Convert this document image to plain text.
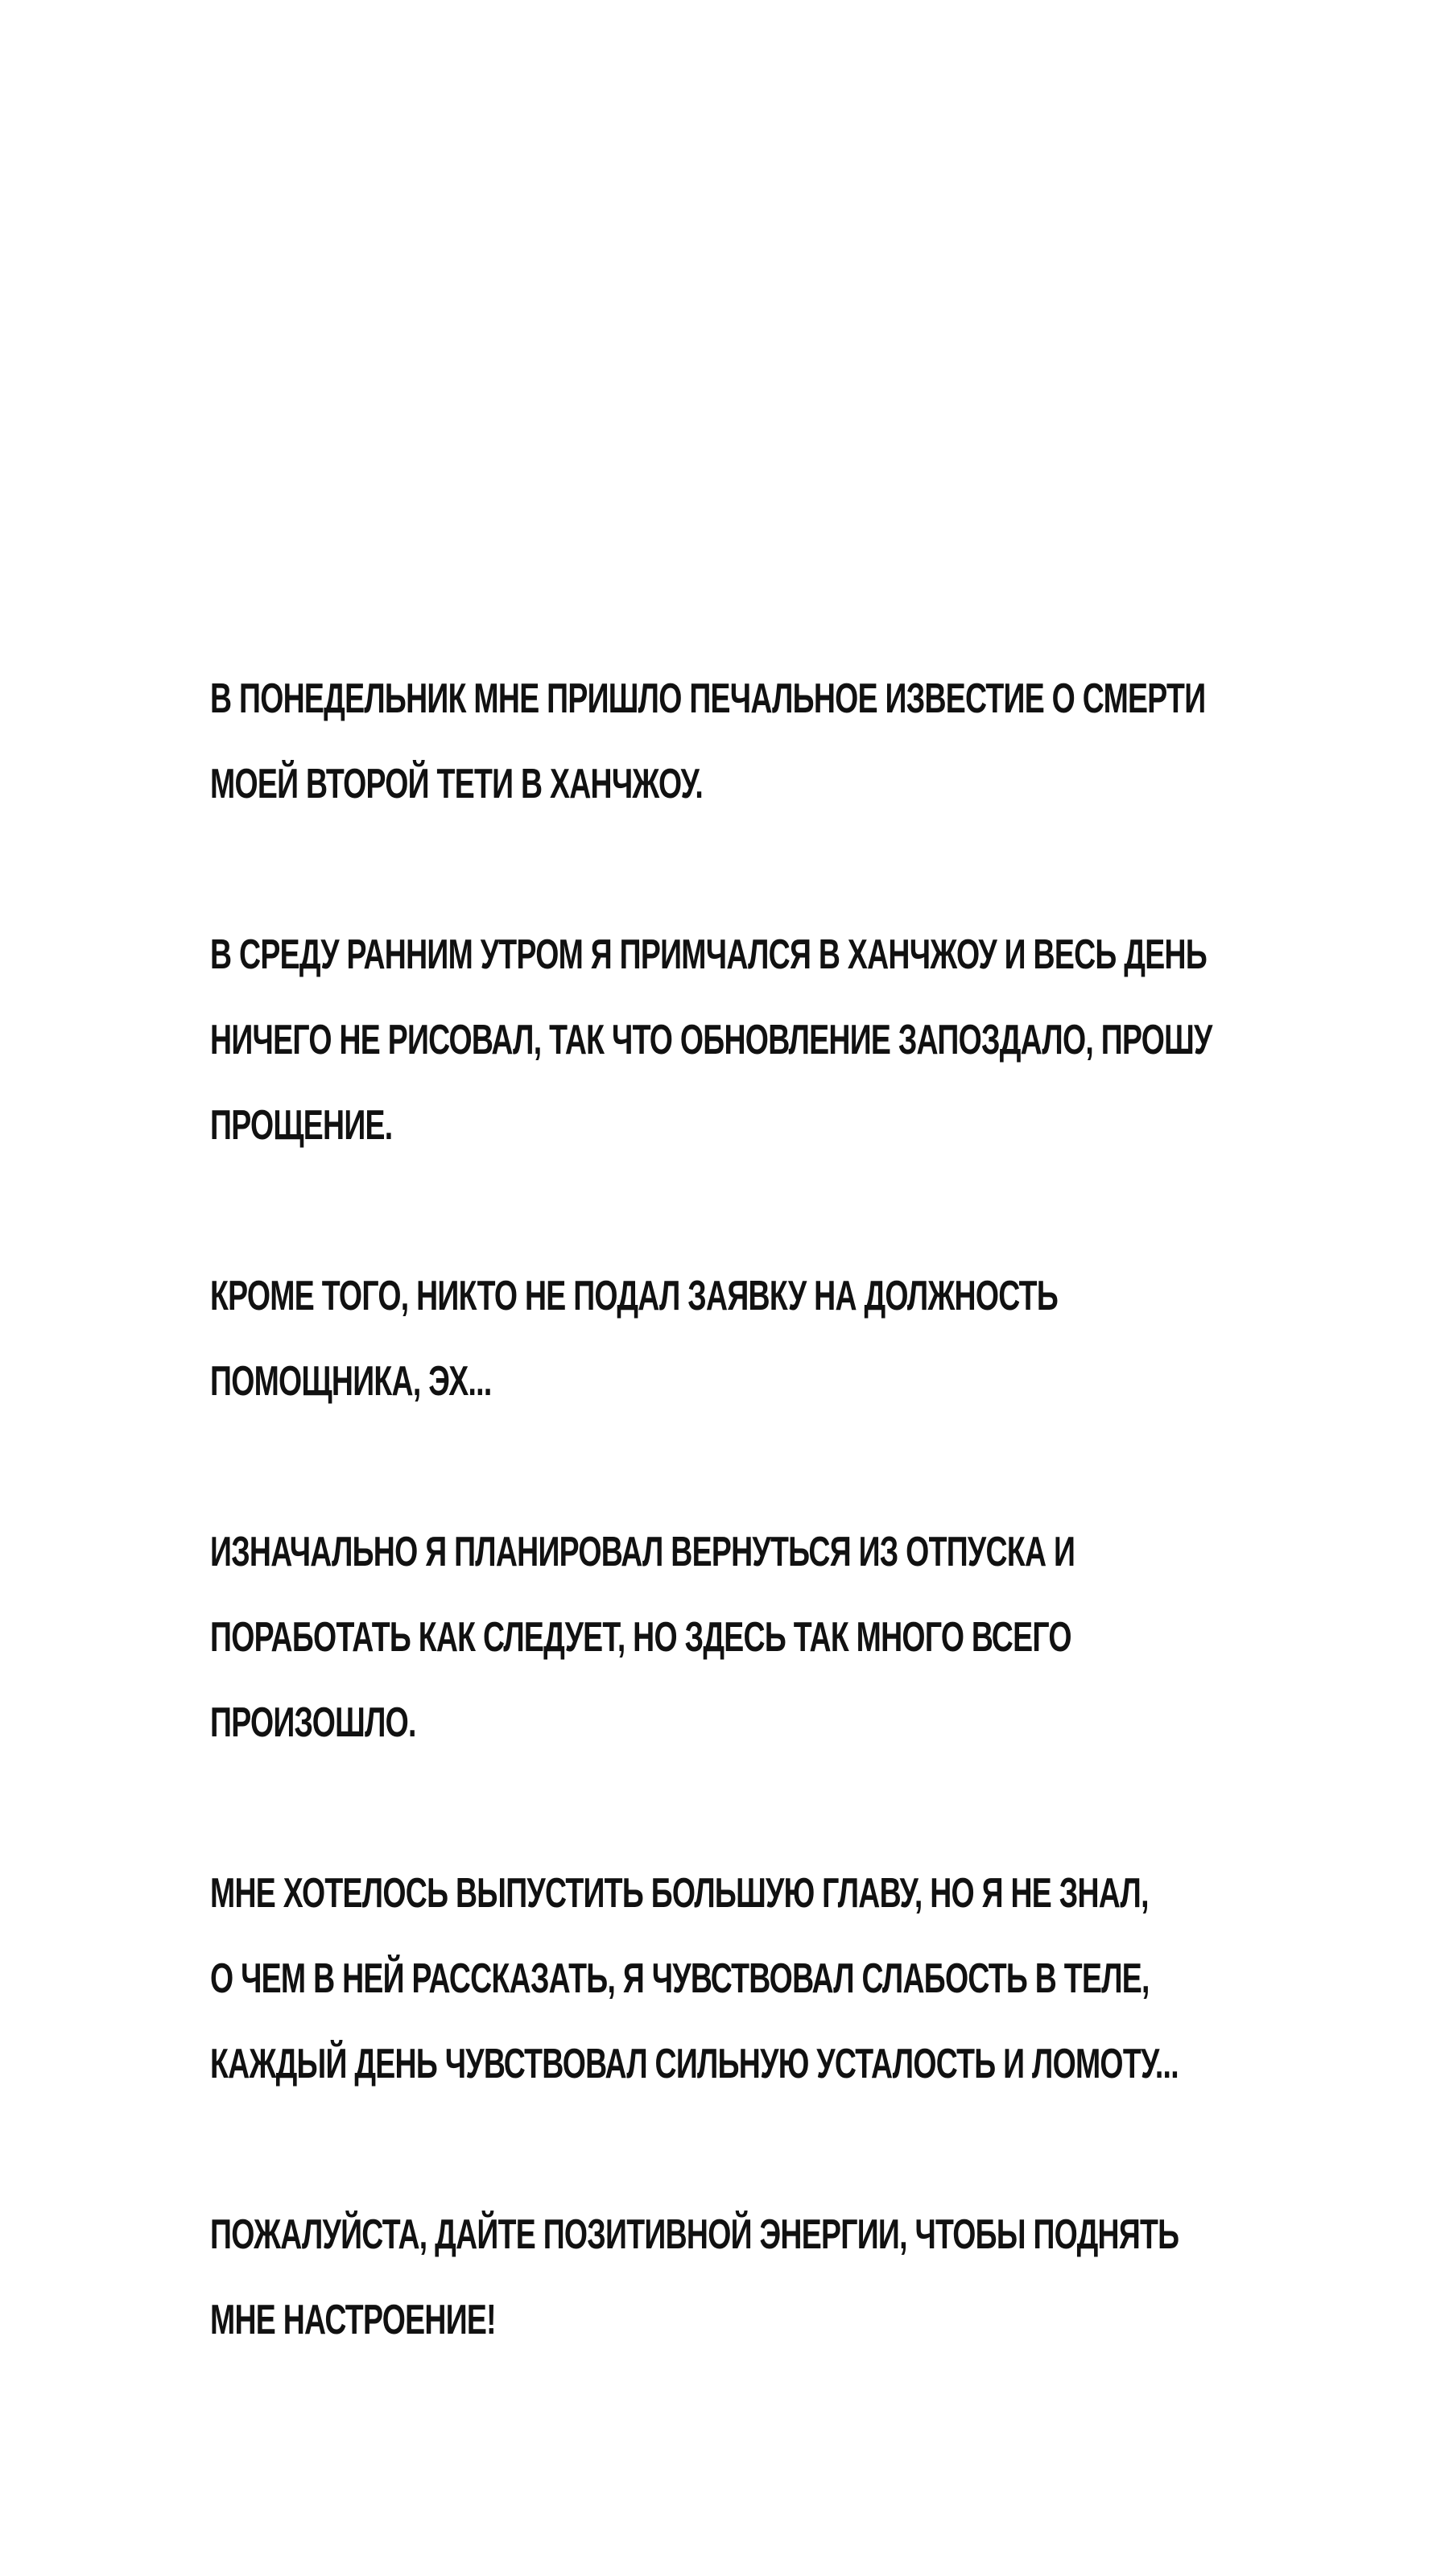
В ПОНЕДЕЛЬНИК МНЕ ПРИШЛО ПЕЧАЛЬНОЕ ИЗВЕСТИЕ О СМЕРТИ
МОЕЙ ВТОРОЙ ТЕТИ В ХАНЧЖОУ.
В СРЕДУ РАННИМ УТРОМ Я ПРИМЧАЛСЯ В ХАНЧЖОУ И ВЕСЬ ДЕНЬ
НИЧЕГО НЕ РИСОВАЛ, ТАК ЧТО ОБНОВЛЕНИЕ ЗАПОЗДАЛО, ПРОШУ
ПРОЩЕНИЕ.
КРОМЕ ТОГО, НИКТО НЕ ПОДАЛ ЗАЯВКУ НА ДОЛЖНОСТЬ
ПОМОЩНИКА, ЭХ...
ИЗНАЧАЛЬНО Я ПЛАНИРОВАЛ ВЕРНУТЬСЯ ИЗ ОТПУСКА И
ПОРАБОТАТЬ КАК СЛЕДУЕТ, НО ЗДЕСЬ ТАК МНОГО ВСЕГО
ПРОИЗОШЛО.
МНЕ ХОТЕЛОСЬ ВЫПУСТИТЬ БОЛЬШУЮ ГЛАВУ, НО Я НЕ ЗНАЛ,
О ЧЕМ В НЕЙ РАССКАЗАТЬ, Я ЧУВСТВОВАЛ СЛАБОСТЬ В ТЕЛЕ,
КАЖДЫЙ ДЕНЬ ЧУВСТВОВАЛ СИЛЬНУЮ УСТАЛОСТЬ И ЛОМОТУ...
ПОЖАЛУЙСТА, ДАЙТЕ ПОЗИТИВНОЙ ЭНЕРГИИ, ЧТОБЫ ПОДНЯТЬ
МНЕ НАСТРОЕНИЕ!
